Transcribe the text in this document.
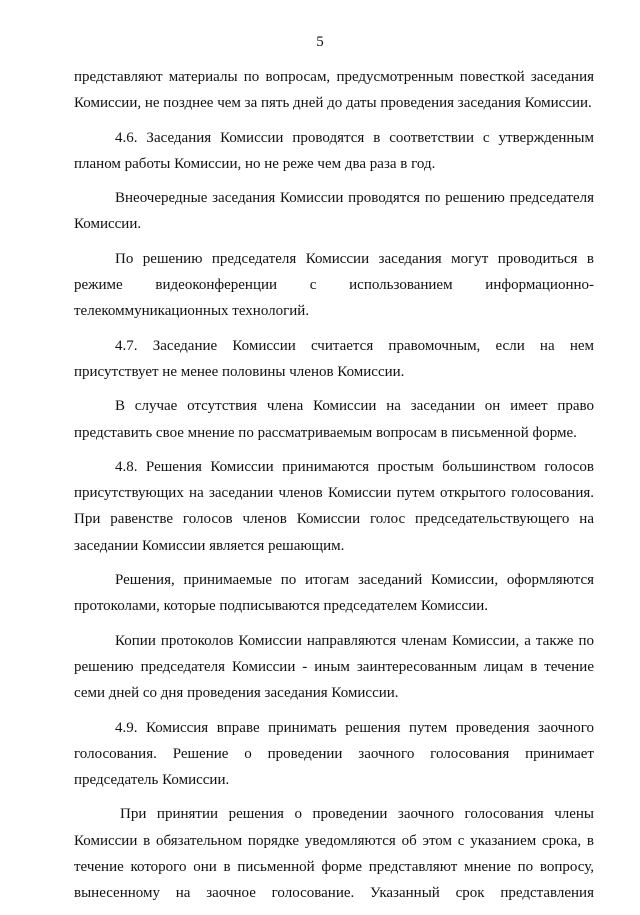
5

представляют материалы по вопросам, предусмотренным повесткой заседания Комиссии, не позднее чем за пять дней до даты проведения заседания Комиссии.

4.6. Заседания Комиссии проводятся в соответствии с утвержденным планом работы Комиссии, но не реже чем два раза в год.

Внеочередные заседания Комиссии проводятся по решению председателя Комиссии.

По решению председателя Комиссии заседания могут проводиться в режиме видеоконференции с использованием информационно-телекоммуникационных технологий.

4.7. Заседание Комиссии считается правомочным, если на нем присутствует не менее половины членов Комиссии.

В случае отсутствия члена Комиссии на заседании он имеет право представить свое мнение по рассматриваемым вопросам в письменной форме.

4.8. Решения Комиссии принимаются простым большинством голосов присутствующих на заседании членов Комиссии путем открытого голосования. При равенстве голосов членов Комиссии голос председательствующего на заседании Комиссии является решающим.

Решения, принимаемые по итогам заседаний Комиссии, оформляются протоколами, которые подписываются председателем Комиссии.

Копии протоколов Комиссии направляются членам Комиссии, а также по решению председателя Комиссии - иным заинтересованным лицам в течение семи дней со дня проведения заседания Комиссии.

4.9. Комиссия вправе принимать решения путем проведения заочного голосования. Решение о проведении заочного голосования принимает председатель Комиссии.

При принятии решения о проведении заочного голосования члены Комиссии в обязательном порядке уведомляются об этом с указанием срока, в течение которого они в письменной форме представляют мнение по вопросу, вынесенному на заочное голосование. Указанный срок представления
